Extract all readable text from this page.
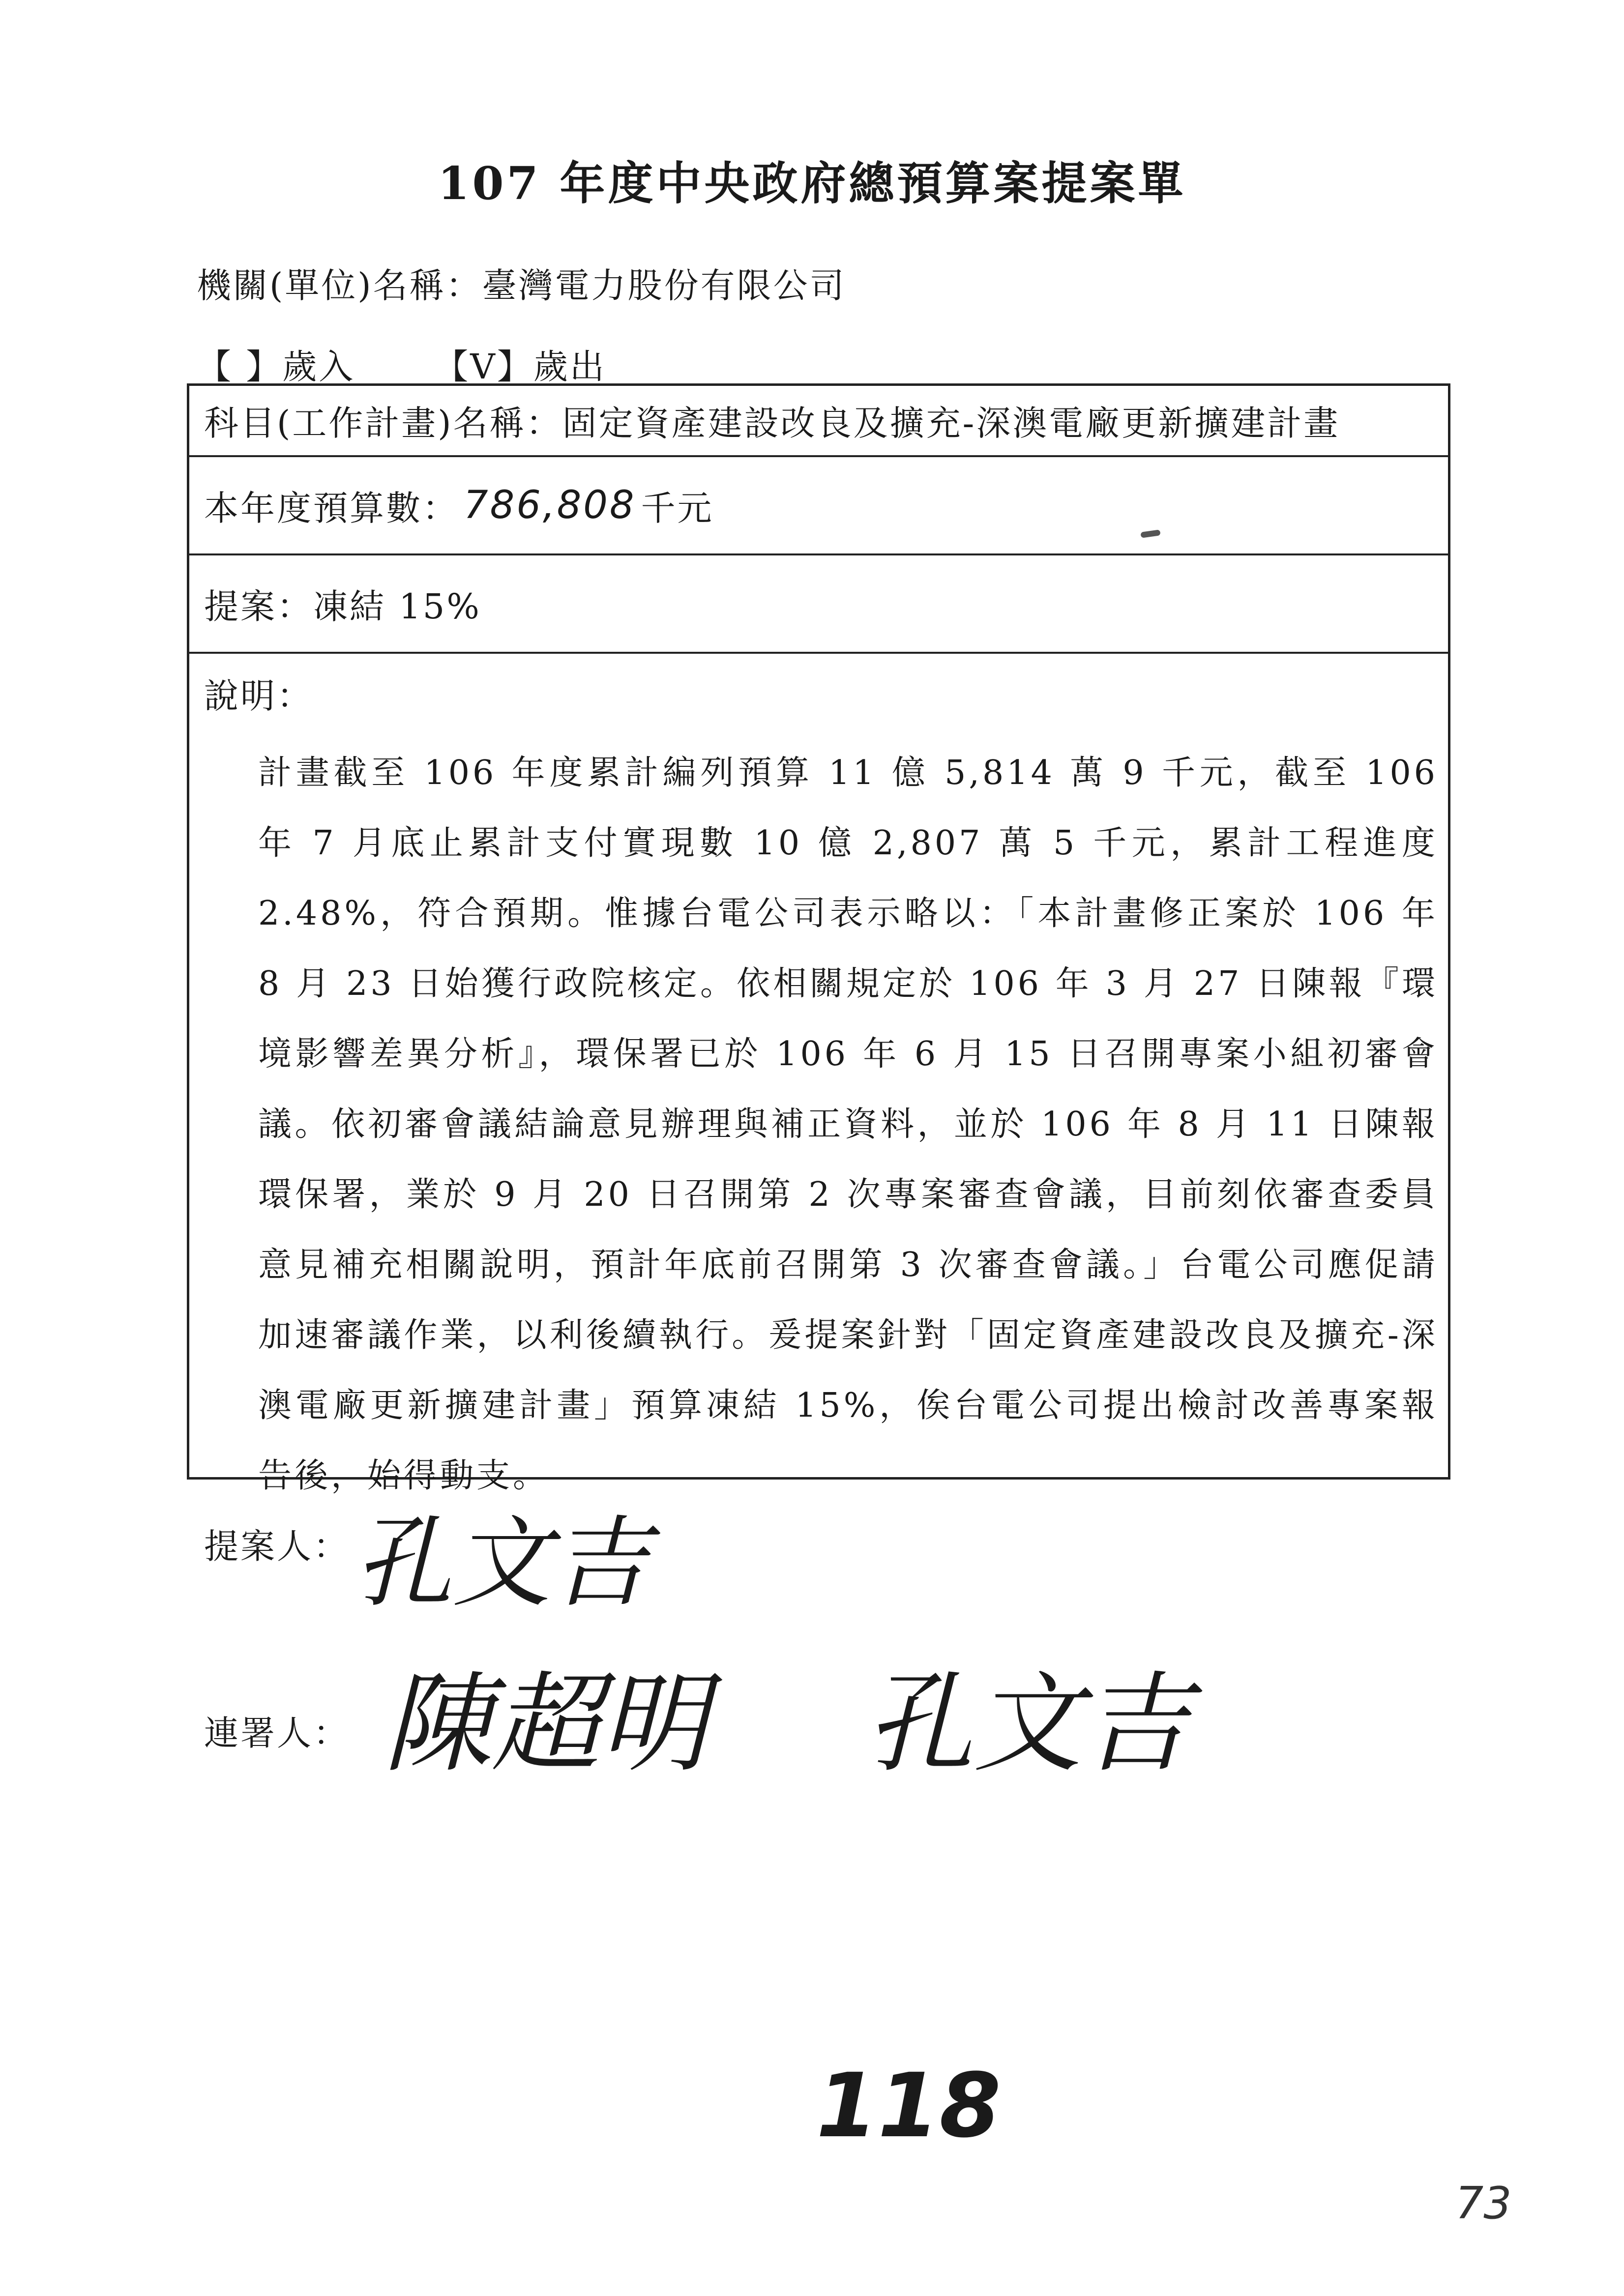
107 年度中央政府總預算案提案單
機關(單位)名稱：臺灣電力股份有限公司
【 】歲入 【V】歲出
科目(工作計畫)名稱： 固定資產建設改良及擴充-深澳電廠更新擴建計畫
本年度預算數： 786,808 千元
提案： 凍結 15%
說明：
計畫截至 106 年度累計編列預算 11 億 5,814 萬 9 千元，截至 106 年 7 月底止累計支付實現數 10 億 2,807 萬 5 千元，累計工程進度 2.48%，符合預期。惟據台電公司表示略以：「本計畫修正案於 106 年 8 月 23 日始獲行政院核定。依相關規定於 106 年 3 月 27 日陳報『環境影響差異分析』，環保署已於 106 年 6 月 15 日召開專案小組初審會議。依初審會議結論意見辦理與補正資料，並於 106 年 8 月 11 日陳報環保署，業於 9 月 20 日召開第 2 次專案審查會議，目前刻依審查委員意見補充相關說明，預計年底前召開第 3 次審查會議。」台電公司應促請加速審議作業，以利後續執行。爰提案針對「固定資產建設改良及擴充-深澳電廠更新擴建計畫」預算凍結 15%，俟台電公司提出檢討改善專案報告後，始得動支。
提案人： 孔文吉
連署人： 陳超明 孔文吉
118
73
